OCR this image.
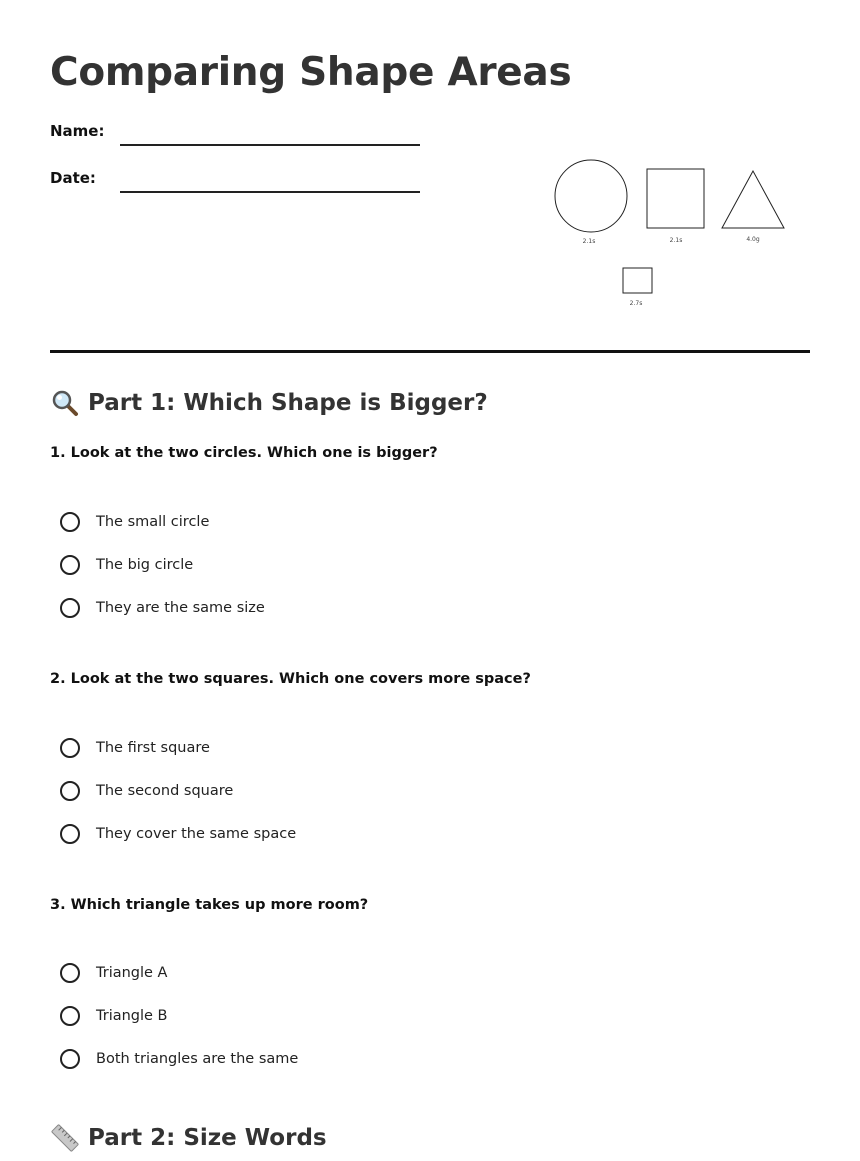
Comparing Shape Areas
Name:
Date:
2.1s	2.1s	4.0g
2.7s
Part 1: Which Shape is Bigger?

1. Look at the two circles. Which one is bigger?

The small circle
The big circle
They are the same size

2. Look at the two squares. Which one covers more space?

The first square
The second square
They cover the same space

3. Which triangle takes up more room?

Triangle A
Triangle B
Both triangles are the same
Part 2: Size Words
